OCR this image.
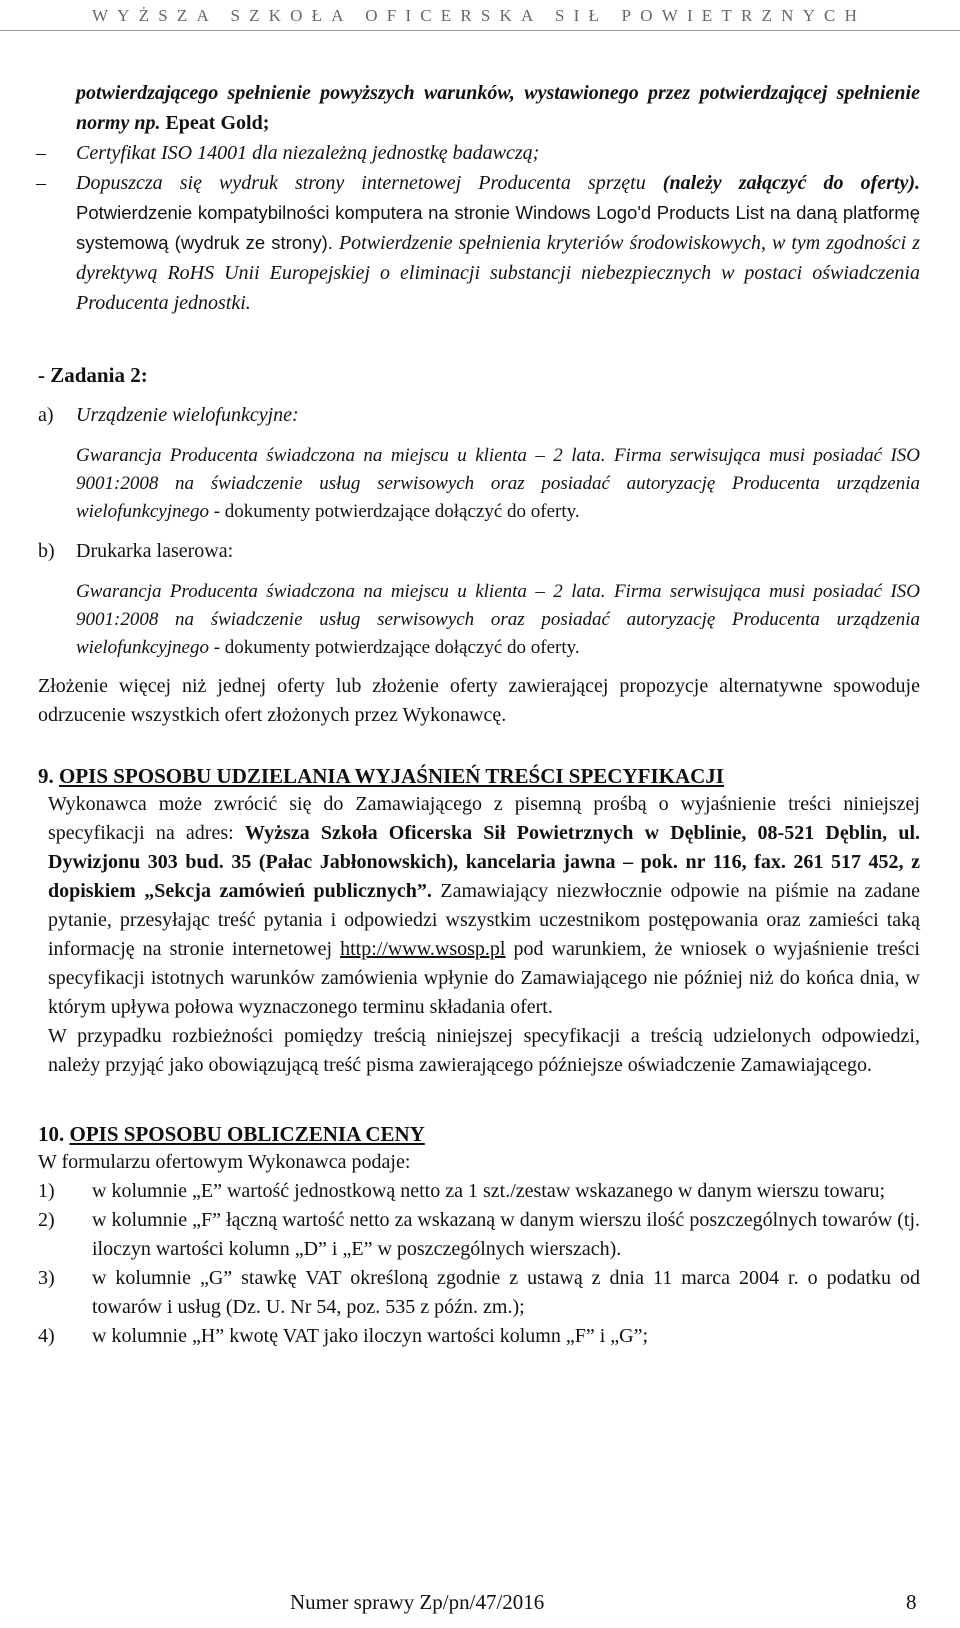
WYŻSZA SZKOŁA OFICERSKA SIŁ POWIETRZNYCH

potwierdzającego spełnienie powyższych warunków, wystawionego przez potwierdzającej spełnienie normy np. Epeat Gold;

– Certyfikat ISO 14001 dla niezależną jednostkę badawczą;

– Dopuszcza się wydruk strony internetowej Producenta sprzętu (należy załączyć do oferty). Potwierdzenie kompatybilności komputera na stronie Windows Logo'd Products List na daną platformę systemową (wydruk ze strony). Potwierdzenie spełnienia kryteriów środowiskowych, w tym zgodności z dyrektywą RoHS Unii Europejskiej o eliminacji substancji niebezpiecznych w postaci oświadczenia Producenta jednostki.

- Zadania 2:

a) Urządzenie wielofunkcyjne:

Gwarancja Producenta świadczona na miejscu u klienta – 2 lata. Firma serwisująca musi posiadać ISO 9001:2008 na świadczenie usług serwisowych oraz posiadać autoryzację Producenta urządzenia wielofunkcyjnego - dokumenty potwierdzające dołączyć do oferty.

b) Drukarka laserowa:

Gwarancja Producenta świadczona na miejscu u klienta – 2 lata. Firma serwisująca musi posiadać ISO 9001:2008 na świadczenie usług serwisowych oraz posiadać autoryzację Producenta urządzenia wielofunkcyjnego - dokumenty potwierdzające dołączyć do oferty.

Złożenie więcej niż jednej oferty lub złożenie oferty zawierającej propozycje alternatywne spowoduje odrzucenie wszystkich ofert złożonych przez Wykonawcę.

9. OPIS SPOSOBU UDZIELANIA WYJAŚNIEŃ TREŚCI SPECYFIKACJI

Wykonawca może zwrócić się do Zamawiającego z pisemną prośbą o wyjaśnienie treści niniejszej specyfikacji na adres: Wyższa Szkoła Oficerska Sił Powietrznych w Dęblinie, 08-521 Dęblin, ul. Dywizjonu 303 bud. 35 (Pałac Jabłonowskich), kancelaria jawna – pok. nr 116, fax. 261 517 452, z dopiskiem „Sekcja zamówień publicznych”. Zamawiający niezwłocznie odpowie na piśmie na zadane pytanie, przesyłając treść pytania i odpowiedzi wszystkim uczestnikom postępowania oraz zamieści taką informację na stronie internetowej http://www.wsosp.pl pod warunkiem, że wniosek o wyjaśnienie treści specyfikacji istotnych warunków zamówienia wpłynie do Zamawiającego nie później niż do końca dnia, w którym upływa połowa wyznaczonego terminu składania ofert.

W przypadku rozbieżności pomiędzy treścią niniejszej specyfikacji a treścią udzielonych odpowiedzi, należy przyjąć jako obowiązującą treść pisma zawierającego późniejsze oświadczenie Zamawiającego.

10. OPIS SPOSOBU OBLICZENIA CENY

W formularzu ofertowym Wykonawca podaje:

1) w kolumnie „E” wartość jednostkową netto za 1 szt./zestaw wskazanego w danym wierszu towaru;
2) w kolumnie „F” łączną wartość netto za wskazaną w danym wierszu ilość poszczególnych towarów (tj. iloczyn wartości kolumn „D” i „E” w poszczególnych wierszach).
3) w kolumnie „G” stawkę VAT określoną zgodnie z ustawą z dnia 11 marca 2004 r. o podatku od towarów i usług (Dz. U. Nr 54, poz. 535 z późn. zm.);
4) w kolumnie „H” kwotę VAT jako iloczyn wartości kolumn „F” i „G”;
Numer sprawy Zp/pn/47/2016	8
